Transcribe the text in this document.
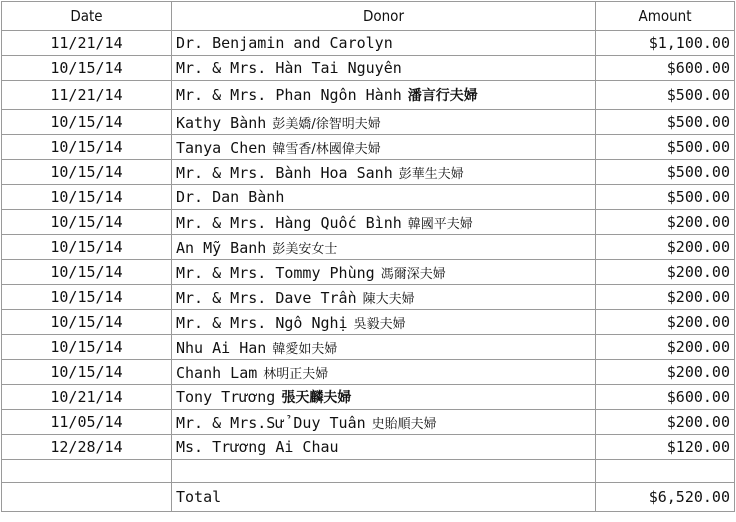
Date	Donor	Amount
11/21/14	Dr. Benjamin and Carolyn	$1,100.00
10/15/14	Mr. & Mrs. Hàn Tai Nguyên	$600.00
11/21/14	Mr. & Mrs. Phan Ngôn Hành 潘言行夫婦	$500.00
10/15/14	Kathy Bành 彭美嬌/徐智明夫婦	$500.00
10/15/14	Tanya Chen 韓雪香/林國偉夫婦	$500.00
10/15/14	Mr. & Mrs. Bành Hoa Sanh 彭華生夫婦	$500.00
10/15/14	Dr. Dan Bành	$500.00
10/15/14	Mr. & Mrs. Hàng Quốc Bình 韓國平夫婦	$200.00
10/15/14	An Mỹ Banh 彭美安女士	$200.00
10/15/14	Mr. & Mrs. Tommy Phùng 馮爾深夫婦	$200.00
10/15/14	Mr. & Mrs. Dave Trần 陳大夫婦	$200.00
10/15/14	Mr. & Mrs. Ngô Nghị 吳毅夫婦	$200.00
10/15/14	Nhu Ai Han 韓愛如夫婦	$200.00
10/15/14	Chanh Lam 林明正夫婦	$200.00
10/21/14	Tony Trương 張天麟夫婦	$600.00
11/05/14	Mr. & Mrs.Sử Duy Tuân 史貽順夫婦	$200.00
12/28/14	Ms. Trương Ai Chau	$120.00

	Total	$6,520.00
